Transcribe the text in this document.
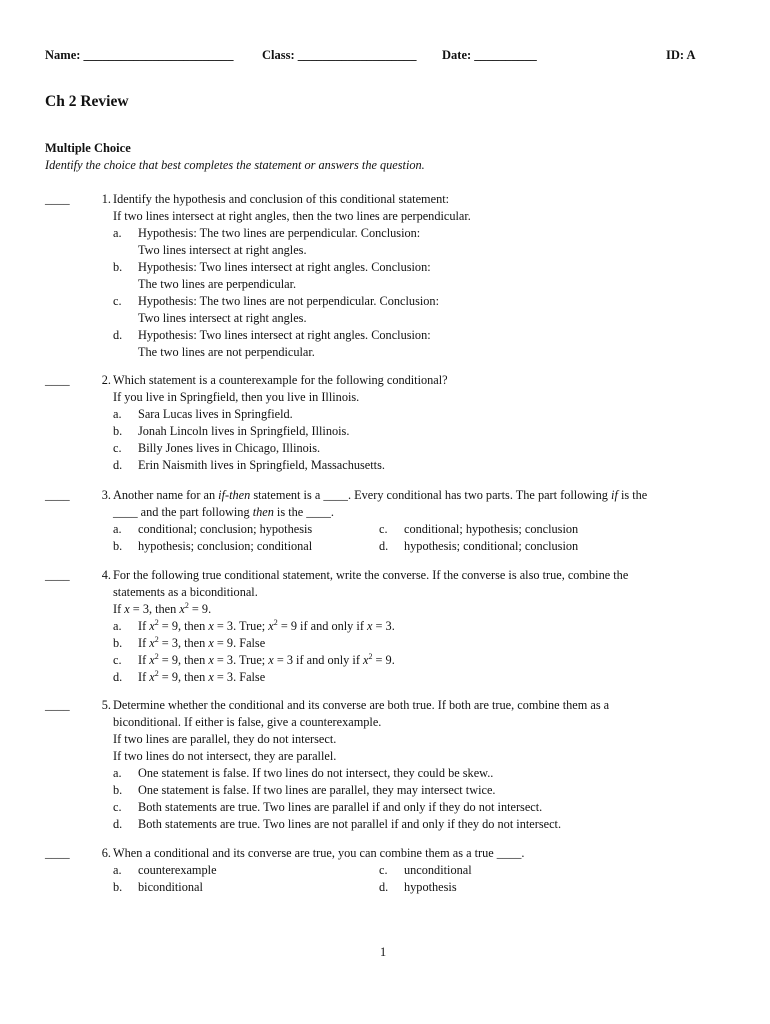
Name: ________________________ Class: ___________________ Date: __________	ID: A
Ch 2 Review
Multiple Choice
Identify the choice that best completes the statement or answers the question.
____	1. Identify the hypothesis and conclusion of this conditional statement:
If two lines intersect at right angles, then the two lines are perpendicular.
a. Hypothesis: The two lines are perpendicular. Conclusion:
Two lines intersect at right angles.
b. Hypothesis: Two lines intersect at right angles. Conclusion:
The two lines are perpendicular.
c. Hypothesis: The two lines are not perpendicular. Conclusion:
Two lines intersect at right angles.
d. Hypothesis: Two lines intersect at right angles. Conclusion:
The two lines are not perpendicular.
____	2. Which statement is a counterexample for the following conditional?
If you live in Springfield, then you live in Illinois.
a. Sara Lucas lives in Springfield.
b. Jonah Lincoln lives in Springfield, Illinois.
c. Billy Jones lives in Chicago, Illinois.
d. Erin Naismith lives in Springfield, Massachusetts.
____	3. Another name for an if-then statement is a ____. Every conditional has two parts. The part following if is the
____ and the part following then is the ____.
a. conditional; conclusion; hypothesis	c. conditional; hypothesis; conclusion
b. hypothesis; conclusion; conditional	d. hypothesis; conditional; conclusion
____	4. For the following true conditional statement, write the converse. If the converse is also true, combine the
statements as a biconditional.
If x = 3, then $x^2 = 9$.
a. If $x^2 = 9$, then x = 3. True; $x^2 = 9$ if and only if x = 3.
b. If $x^2 = 3$, then x = 9. False
c. If $x^2 = 9$, then x = 3. True; x = 3 if and only if $x^2 = 9$.
d. If $x^2 = 9$, then x = 3. False
____	5. Determine whether the conditional and its converse are both true. If both are true, combine them as a
biconditional. If either is false, give a counterexample.
If two lines are parallel, they do not intersect.
If two lines do not intersect, they are parallel.
a. One statement is false. If two lines do not intersect, they could be skew..
b. One statement is false. If two lines are parallel, they may intersect twice.
c. Both statements are true. Two lines are parallel if and only if they do not intersect.
d. Both statements are true. Two lines are not parallel if and only if they do not intersect.
____	6. When a conditional and its converse are true, you can combine them as a true ____.
a. counterexample	c. unconditional
b. biconditional	d. hypothesis
1
